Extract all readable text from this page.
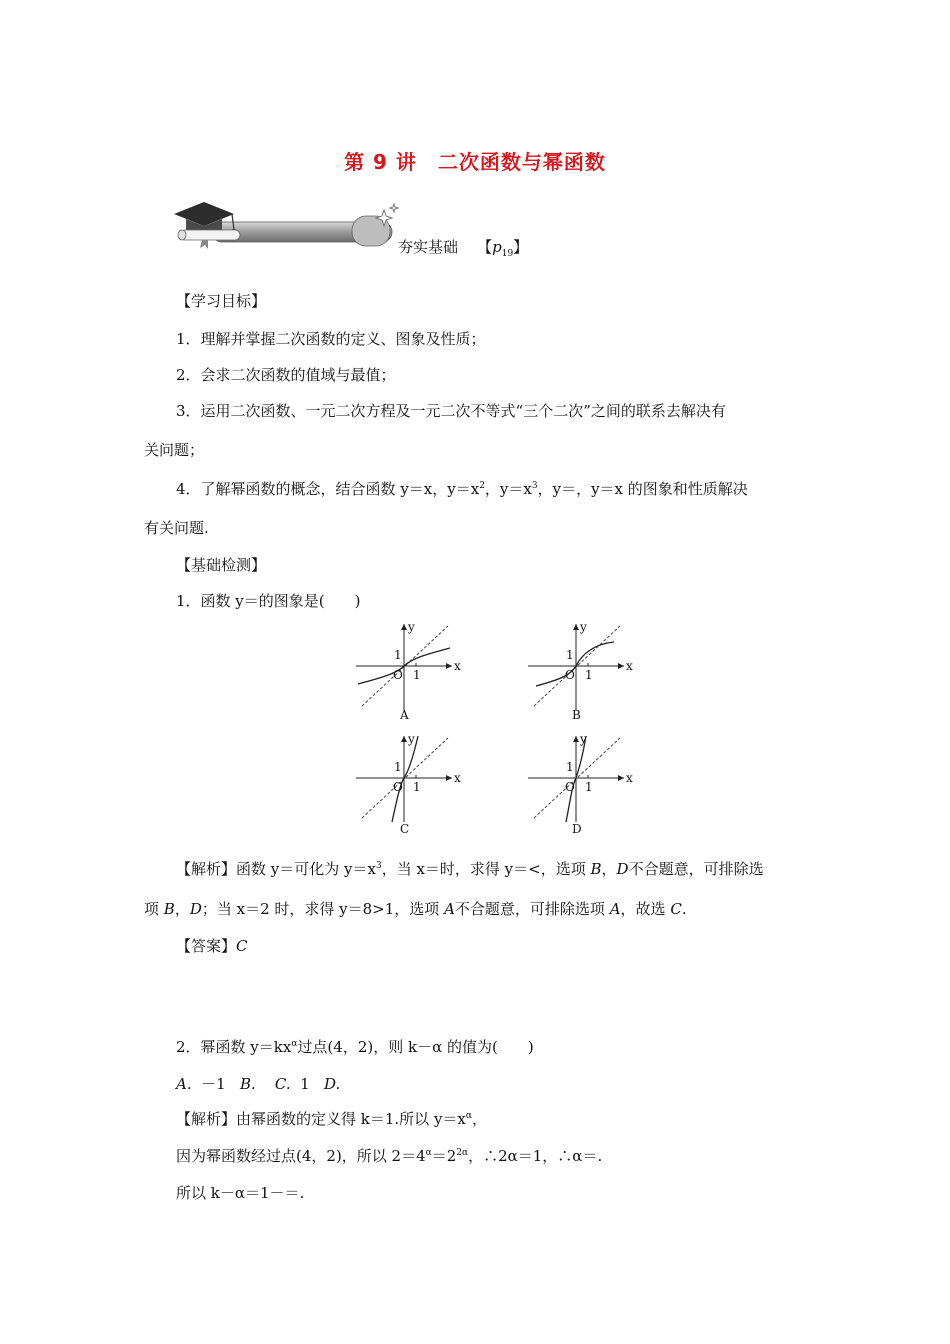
第 9 讲　二次函数与幂函数
夯实基础 【$p_{19}$】
【学习目标】
1．理解并掌握二次函数的定义、图象及性质；
2．会求二次函数的值域与最值；
3．运用二次函数、一元二次方程及一元二次不等式“三个二次”之间的联系去解决有
关问题；
4．了解幂函数的概念，结合函数 y＝x，$y=x^2$，$y=x^3$，y＝，y＝x 的图象和性质解决
有关问题.
【基础检测】
1．函数 y＝的图象是(　　)
y
x
1
O 1
A
y
x
1
O 1
B
y
x
1
O 1
C
y
x
1
O 1
D
【解析】函数 y＝可化为 $y=x^3$，当 x＝时，求得 y＝<，选项 B，D不合题意，可排除选
项 B，D；当 x＝2 时，求得 y＝8>1，选项 A不合题意，可排除选项 A，故选 C.
【答案】C
2．幂函数 $y=kx^\alpha$过点(4，2)，则 k－α 的值为(　　)
A. －1 B. C. 1 D.
【解析】由幂函数的定义得 k＝1.所以 $y=x^\alpha$，
因为幂函数经过点(4，2)，所以 $2=4^\alpha=2^{2\alpha}$，∴2α＝1，∴α＝.
所以 k－α＝1－＝.
